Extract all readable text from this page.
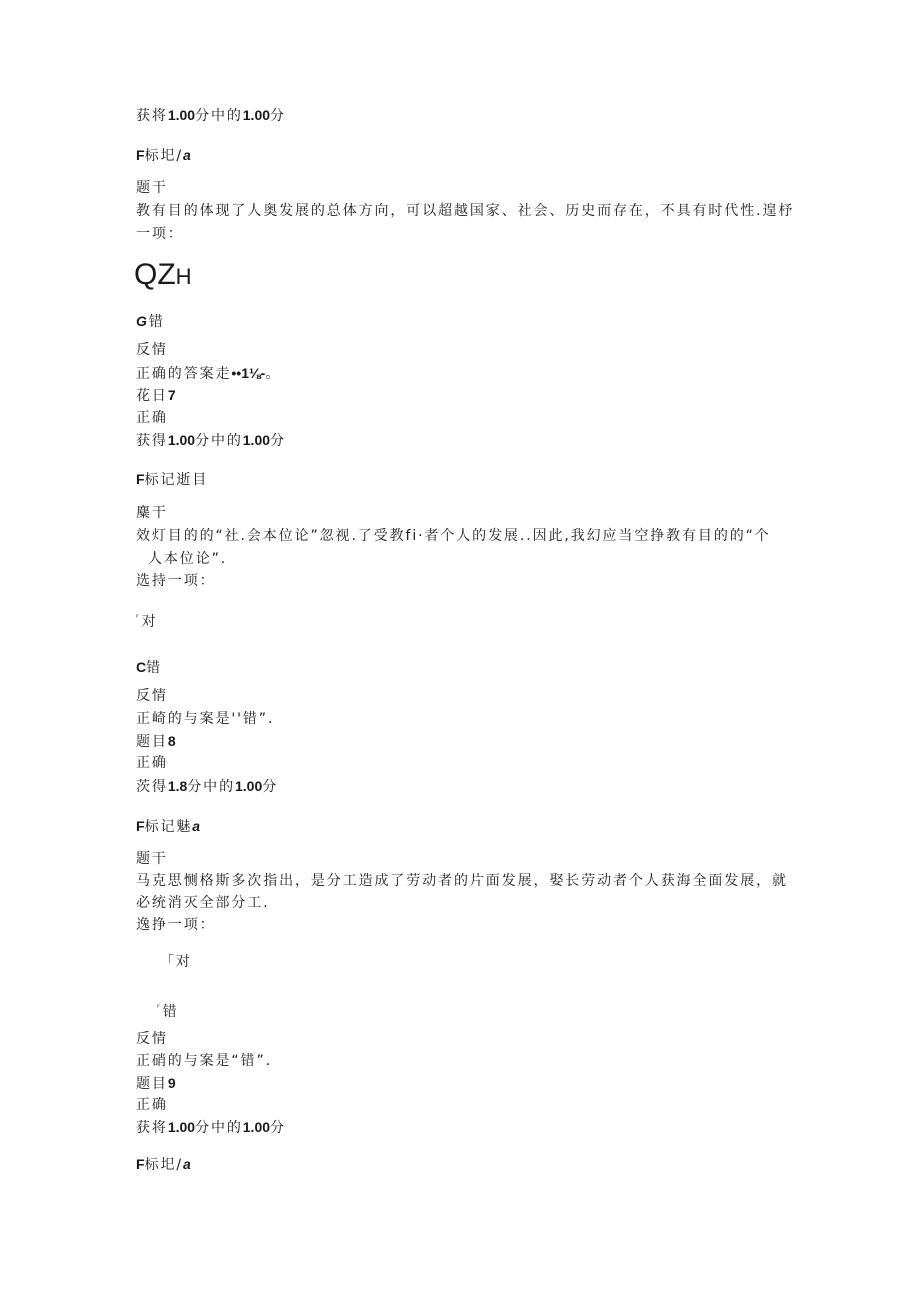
获将1.00分中的1.00分
F标圯/a
题干
教有目的体现了人奥发展的总体方向，可以超越国家、社会、历史而存在，不具有时代性.遑杼
一项：
QZH
G错
反情
正确的答案走••1⅛-。
花日7
正确
获得1.00分中的1.00分
F标记逝目
麋干
效灯目的的“社.会本位论”忽视.了受教fi·者个人的发展..因此,我幻应当空挣教有目的的“个
人本位论”.
选持一项：
$^ʳ$ 对
C错
反情
正崎的与案是''错”.
题目8
正确
茨得1.8分中的1.00分
F标记魅a
题干
马克思恻格斯多次指出，是分工造成了劳动者的片面发展，娶长劳动者个人获海全面发展，就
必统消灭全部分工.
逸挣一项：
「对
$^ʳ$ 错
反情
正硝的与案是“错”.
题目9
正确
获将1.00分中的1.00分
F标圯/a
